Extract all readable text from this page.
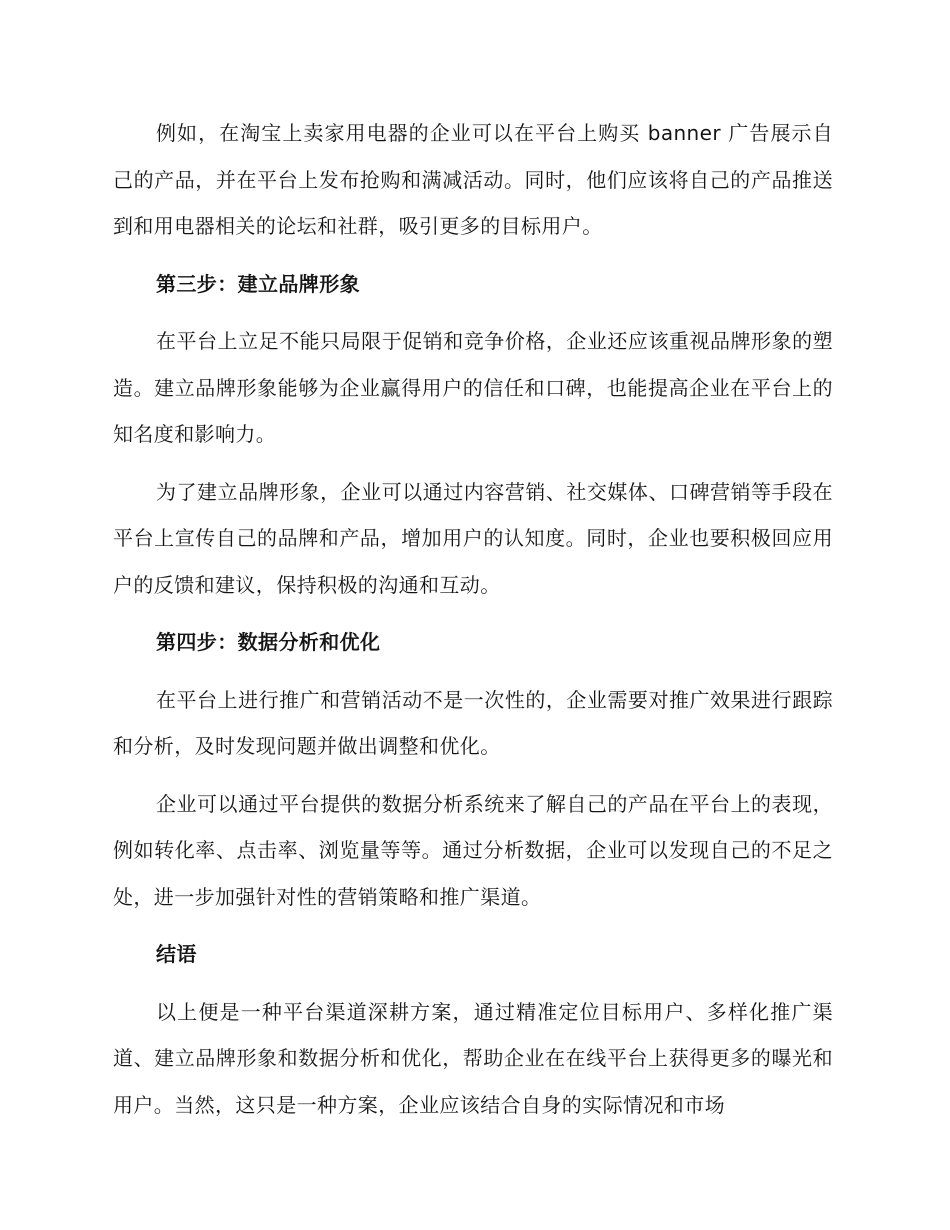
例如，在淘宝上卖家用电器的企业可以在平台上购买 banner 广告展示自己的产品，并在平台上发布抢购和满减活动。同时，他们应该将自己的产品推送到和用电器相关的论坛和社群，吸引更多的目标用户。

第三步：建立品牌形象

在平台上立足不能只局限于促销和竞争价格，企业还应该重视品牌形象的塑造。建立品牌形象能够为企业赢得用户的信任和口碑，也能提高企业在平台上的知名度和影响力。

为了建立品牌形象，企业可以通过内容营销、社交媒体、口碑营销等手段在平台上宣传自己的品牌和产品，增加用户的认知度。同时，企业也要积极回应用户的反馈和建议，保持积极的沟通和互动。

第四步：数据分析和优化

在平台上进行推广和营销活动不是一次性的，企业需要对推广效果进行跟踪和分析，及时发现问题并做出调整和优化。

企业可以通过平台提供的数据分析系统来了解自己的产品在平台上的表现，例如转化率、点击率、浏览量等等。通过分析数据，企业可以发现自己的不足之处，进一步加强针对性的营销策略和推广渠道。

结语

以上便是一种平台渠道深耕方案，通过精准定位目标用户、多样化推广渠道、建立品牌形象和数据分析和优化，帮助企业在在线平台上获得更多的曝光和用户。当然，这只是一种方案，企业应该结合自身的实际情况和市场
